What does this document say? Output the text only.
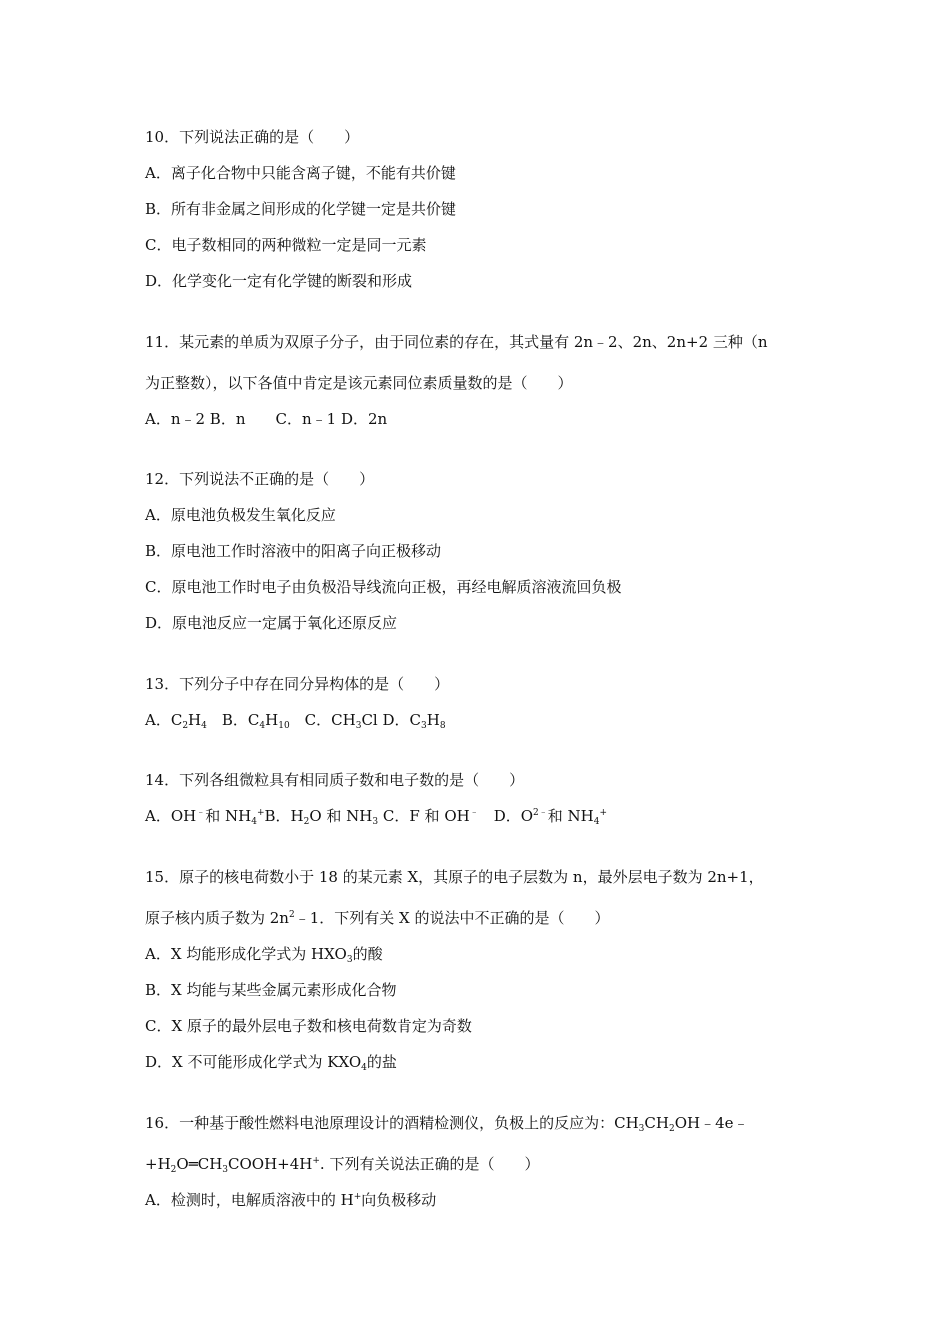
10．下列说法正确的是（　　）
A．离子化合物中只能含离子键，不能有共价键
B．所有非金属之间形成的化学键一定是共价键
C．电子数相同的两种微粒一定是同一元素
D．化学变化一定有化学键的断裂和形成
11．某元素的单质为双原子分子，由于同位素的存在，其式量有 2n﹣2、2n、2n+2 三种（n
为正整数），以下各值中肯定是该元素同位素质量数的是（　　）
A．n﹣2 B．n　　C．n﹣1 D．2n
12．下列说法不正确的是（　　）
A．原电池负极发生氧化反应
B．原电池工作时溶液中的阳离子向正极移动
C．原电池工作时电子由负极沿导线流向正极，再经电解质溶液流回负极
D．原电池反应一定属于氧化还原反应
13．下列分子中存在同分异构体的是（　　）
A．$C_2H_4$　B．$C_4H_{10}$　C．$CH_3Cl$ D．$C_3H_8$
14．下列各组微粒具有相同质子数和电子数的是（　　）
A．OH﹣和 $NH_4^+B$．$H_2O$ 和 $NH_3$ C．F 和 OH﹣　D．$O^{2﹣}$和 $NH_4^+$
15．原子的核电荷数小于 18 的某元素 X，其原子的电子层数为 n，最外层电子数为 2n+1，
原子核内质子数为 $2n^2﹣1$．下列有关 X 的说法中不正确的是（　　）
A．X 均能形成化学式为 $HXO_3$的酸
B．X 均能与某些金属元素形成化合物
C．X 原子的最外层电子数和核电荷数肯定为奇数
D．X 不可能形成化学式为 $KXO_4$的盐
16．一种基于酸性燃料电池原理设计的酒精检测仪，负极上的反应为：$CH_3CH_2OH﹣4e﹣$
$+H_2O═CH_3COOH+4H^+$. 下列有关说法正确的是（　　）
A．检测时，电解质溶液中的 H+向负极移动
